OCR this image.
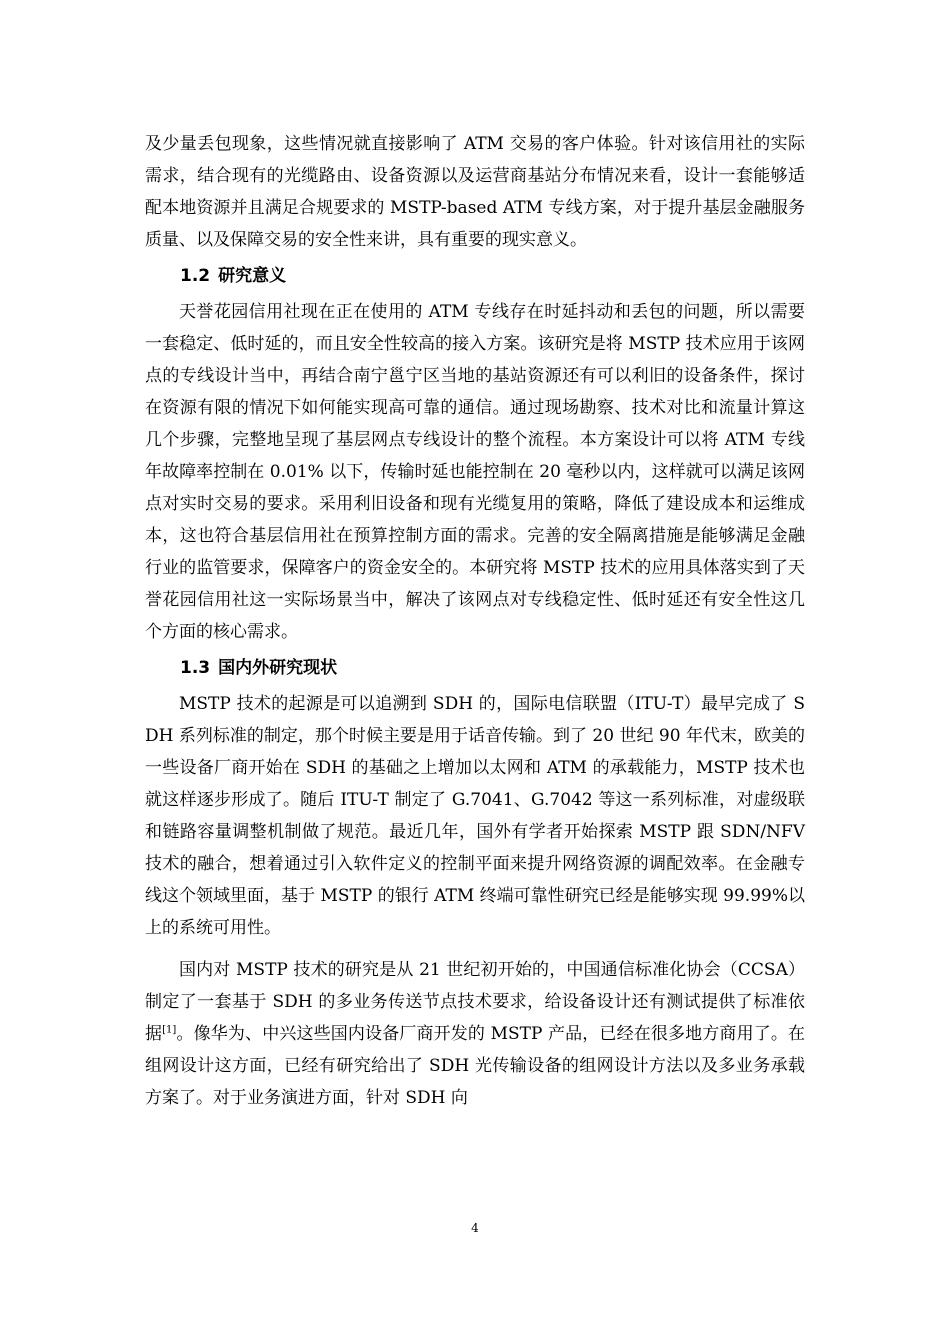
及少量丢包现象，这些情况就直接影响了 ATM 交易的客户体验。针对该信用社的实际需求，结合现有的光缆路由、设备资源以及运营商基站分布情况来看，设计一套能够适配本地资源并且满足合规要求的 MSTP-based ATM 专线方案，对于提升基层金融服务质量、以及保障交易的安全性来讲，具有重要的现实意义。

1.2 研究意义

天誉花园信用社现在正在使用的 ATM 专线存在时延抖动和丢包的问题，所以需要一套稳定、低时延的，而且安全性较高的接入方案。该研究是将 MSTP 技术应用于该网点的专线设计当中，再结合南宁邕宁区当地的基站资源还有可以利旧的设备条件，探讨在资源有限的情况下如何能实现高可靠的通信。通过现场勘察、技术对比和流量计算这几个步骤，完整地呈现了基层网点专线设计的整个流程。本方案设计可以将 ATM 专线年故障率控制在 0.01% 以下，传输时延也能控制在 20 毫秒以内，这样就可以满足该网点对实时交易的要求。采用利旧设备和现有光缆复用的策略，降低了建设成本和运维成本，这也符合基层信用社在预算控制方面的需求。完善的安全隔离措施是能够满足金融行业的监管要求，保障客户的资金安全的。本研究将 MSTP 技术的应用具体落实到了天誉花园信用社这一实际场景当中，解决了该网点对专线稳定性、低时延还有安全性这几个方面的核心需求。

1.3 国内外研究现状

MSTP 技术的起源是可以追溯到 SDH 的，国际电信联盟（ITU-T）最早完成了 SDH 系列标准的制定，那个时候主要是用于话音传输。到了 20 世纪 90 年代末，欧美的一些设备厂商开始在 SDH 的基础之上增加以太网和 ATM 的承载能力，MSTP 技术也就这样逐步形成了。随后 ITU-T 制定了 G.7041、G.7042 等这一系列标准，对虚级联和链路容量调整机制做了规范。最近几年，国外有学者开始探索 MSTP 跟 SDN/NFV 技术的融合，想着通过引入软件定义的控制平面来提升网络资源的调配效率。在金融专线这个领域里面，基于 MSTP 的银行 ATM 终端可靠性研究已经是能够实现 99.99%以上的系统可用性。

国内对 MSTP 技术的研究是从 21 世纪初开始的，中国通信标准化协会（CCSA）制定了一套基于 SDH 的多业务传送节点技术要求，给设备设计还有测试提供了标准依据[1]。像华为、中兴这些国内设备厂商开发的 MSTP 产品，已经在很多地方商用了。在组网设计这方面，已经有研究给出了 SDH 光传输设备的组网设计方法以及多业务承载方案了。对于业务演进方面，针对 SDH 向

4
